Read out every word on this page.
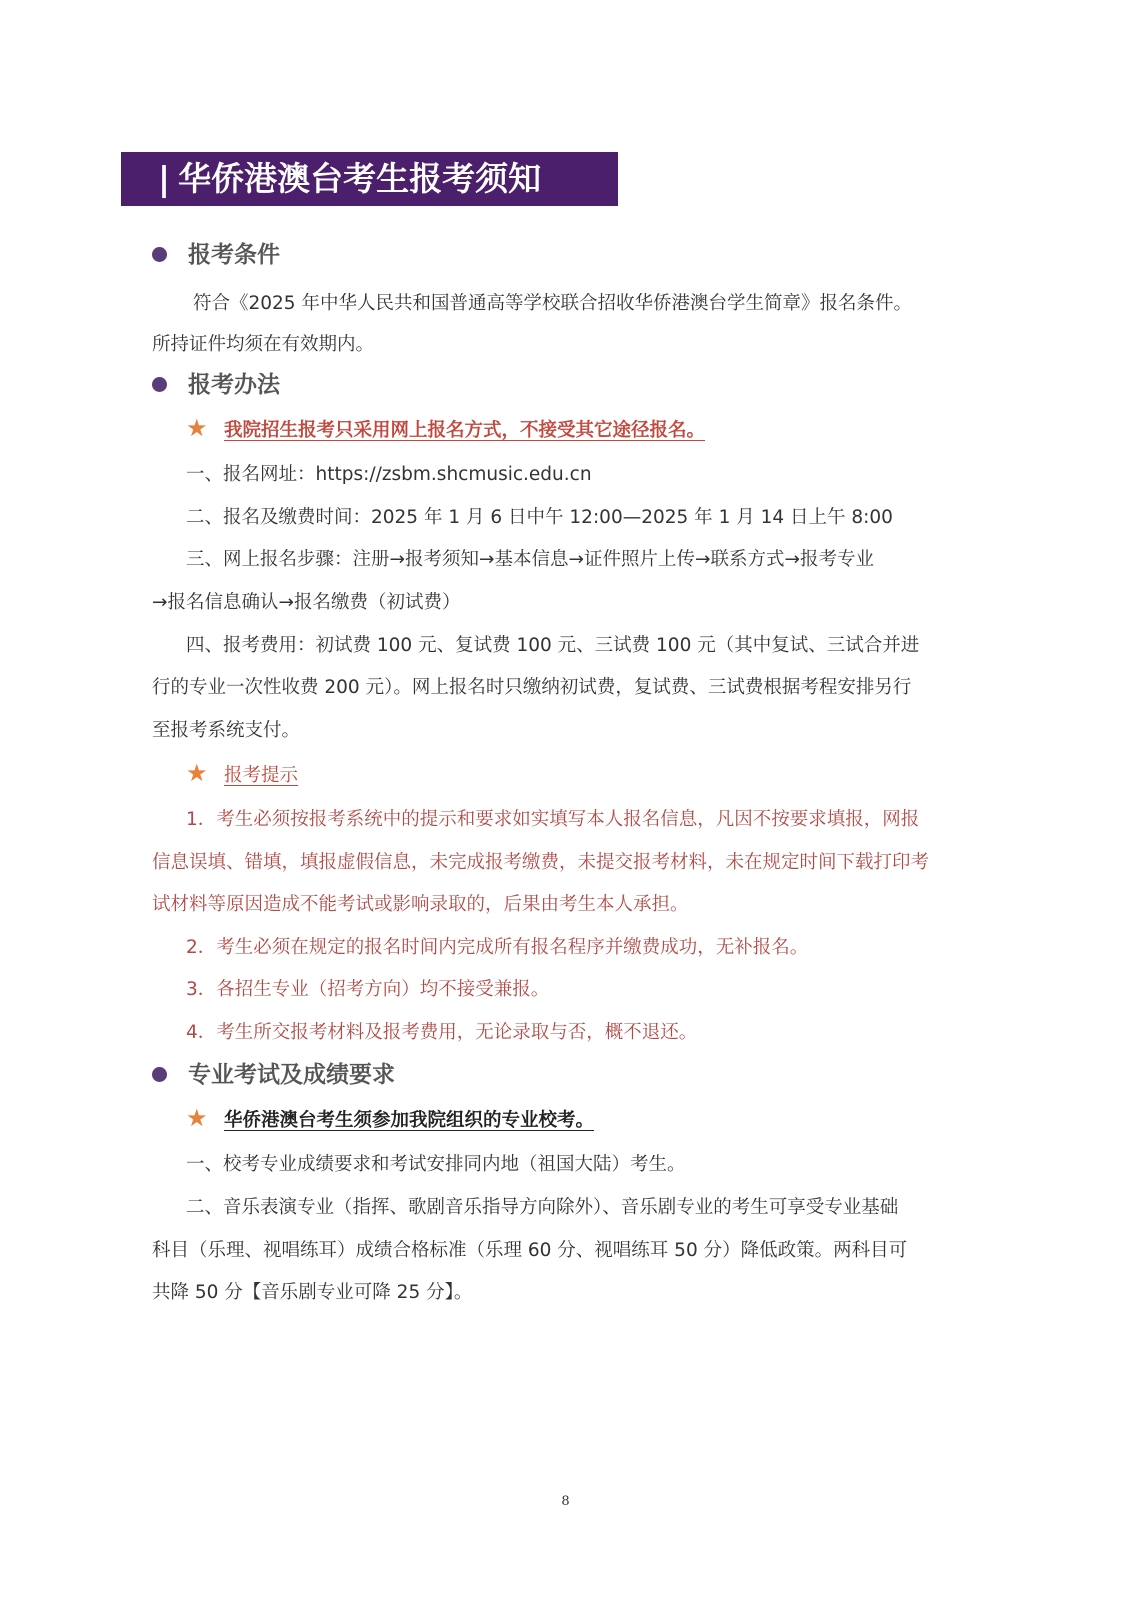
| 华侨港澳台考生报考须知
报考条件
符合《2025 年中华人民共和国普通高等学校联合招收华侨港澳台学生简章》报名条件。
所持证件均须在有效期内。
报考办法
★ 我院招生报考只采用网上报名方式，不接受其它途径报名。
一、报名网址：https://zsbm.shcmusic.edu.cn
二、报名及缴费时间：2025 年 1 月 6 日中午 12:00—2025 年 1 月 14 日上午 8:00
三、网上报名步骤：注册→报考须知→基本信息→证件照片上传→联系方式→报考专业
→报名信息确认→报名缴费（初试费）
四、报考费用：初试费 100 元、复试费 100 元、三试费 100 元（其中复试、三试合并进
行的专业一次性收费 200 元）。网上报名时只缴纳初试费，复试费、三试费根据考程安排另行
至报考系统支付。
★ 报考提示
1．考生必须按报考系统中的提示和要求如实填写本人报名信息，凡因不按要求填报，网报
信息误填、错填，填报虚假信息，未完成报考缴费，未提交报考材料，未在规定时间下载打印考
试材料等原因造成不能考试或影响录取的，后果由考生本人承担。
2．考生必须在规定的报名时间内完成所有报名程序并缴费成功，无补报名。
3．各招生专业（招考方向）均不接受兼报。
4．考生所交报考材料及报考费用，无论录取与否，概不退还。
专业考试及成绩要求
★ 华侨港澳台考生须参加我院组织的专业校考。
一、校考专业成绩要求和考试安排同内地（祖国大陆）考生。
二、音乐表演专业（指挥、歌剧音乐指导方向除外）、音乐剧专业的考生可享受专业基础
科目（乐理、视唱练耳）成绩合格标准（乐理 60 分、视唱练耳 50 分）降低政策。两科目可
共降 50 分【音乐剧专业可降 25 分】。
8
